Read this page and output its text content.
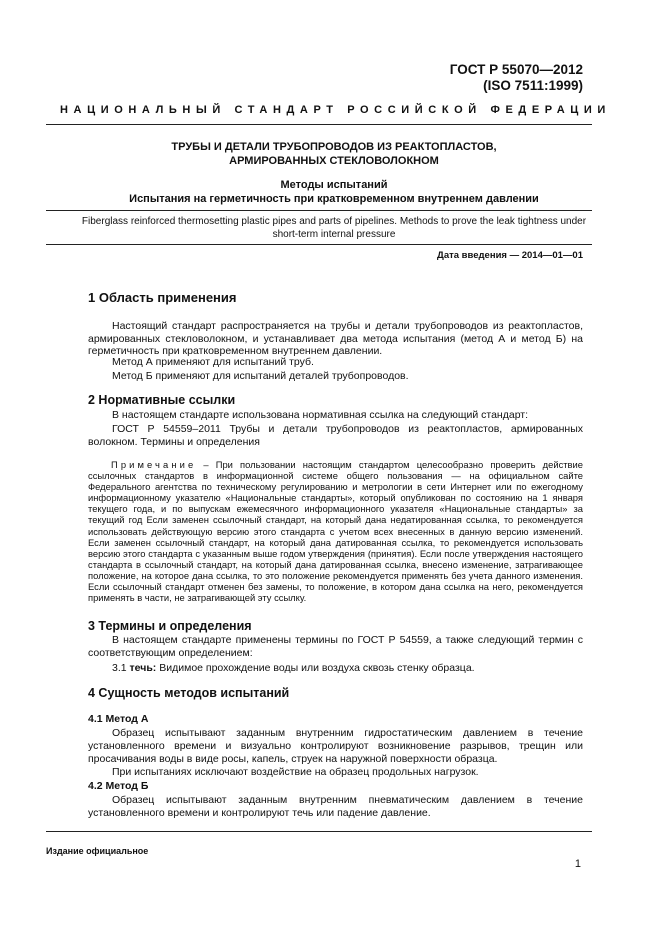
ГОСТ Р 55070—2012
(ISO 7511:1999)
НАЦИОНАЛЬНЫЙ СТАНДАРТ РОССИЙСКОЙ ФЕДЕРАЦИИ
ТРУБЫ И ДЕТАЛИ ТРУБОПРОВОДОВ ИЗ РЕАКТОПЛАСТОВ,
АРМИРОВАННЫХ СТЕКЛОВОЛОКНОМ
Методы испытаний
Испытания на герметичность при кратковременном внутреннем давлении
Fiberglass reinforced thermosetting plastic pipes and parts of pipelines. Methods to prove the leak tightness under
short-term internal pressure
Дата введения — 2014—01—01
1 Область применения
Настоящий стандарт распространяется на трубы и детали трубопроводов из реактопластов, армированных стекловолокном, и устанавливает два метода испытания (метод А и метод Б) на герметичность при кратковременном внутреннем давлении.
Метод А применяют для испытаний труб.
Метод Б применяют для испытаний деталей трубопроводов.
2 Нормативные ссылки
В настоящем стандарте использована нормативная ссылка на следующий стандарт:
ГОСТ Р 54559–2011 Трубы и детали трубопроводов из реактопластов, армированных волокном. Термины и определения
Примечание – При пользовании настоящим стандартом целесообразно проверить действие ссылочных стандартов в информационной системе общего пользования — на официальном сайте Федерального агентства по техническому регулированию и метрологии в сети Интернет или по ежегодному информационному указателю «Национальные стандарты», который опубликован по состоянию на 1 января текущего года, и по выпускам ежемесячного информационного указателя «Национальные стандарты» за текущий год Если заменен ссылочный стандарт, на который дана недатированная ссылка, то рекомендуется использовать действующую версию этого стандарта с учетом всех внесенных в данную версию изменений. Если заменен ссылочный стандарт, на который дана датированная ссылка, то рекомендуется использовать версию этого стандарта с указанным выше годом утверждения (принятия). Если после утверждения настоящего стандарта в ссылочный стандарт, на который дана датированная ссылка, внесено изменение, затрагивающее положение, на которое дана ссылка, то это положение рекомендуется применять без учета данного изменения. Если ссылочный стандарт отменен без замены, то положение, в котором дана ссылка на него, рекомендуется применять в части, не затрагивающей эту ссылку.
3 Термины и определения
В настоящем стандарте применены термины по ГОСТ Р 54559, а также следующий термин с соответствующим определением:
3.1 течь: Видимое прохождение воды или воздуха сквозь стенку образца.
4 Сущность методов испытаний
4.1 Метод А
Образец испытывают заданным внутренним гидростатическим давлением в течение установленного времени и визуально контролируют возникновение разрывов, трещин или просачивания воды в виде росы, капель, струек на наружной поверхности образца.
При испытаниях исключают воздействие на образец продольных нагрузок.
4.2 Метод Б
Образец испытывают заданным внутренним пневматическим давлением в течение установленного времени и контролируют течь или падение давление.
Издание официальное
1
